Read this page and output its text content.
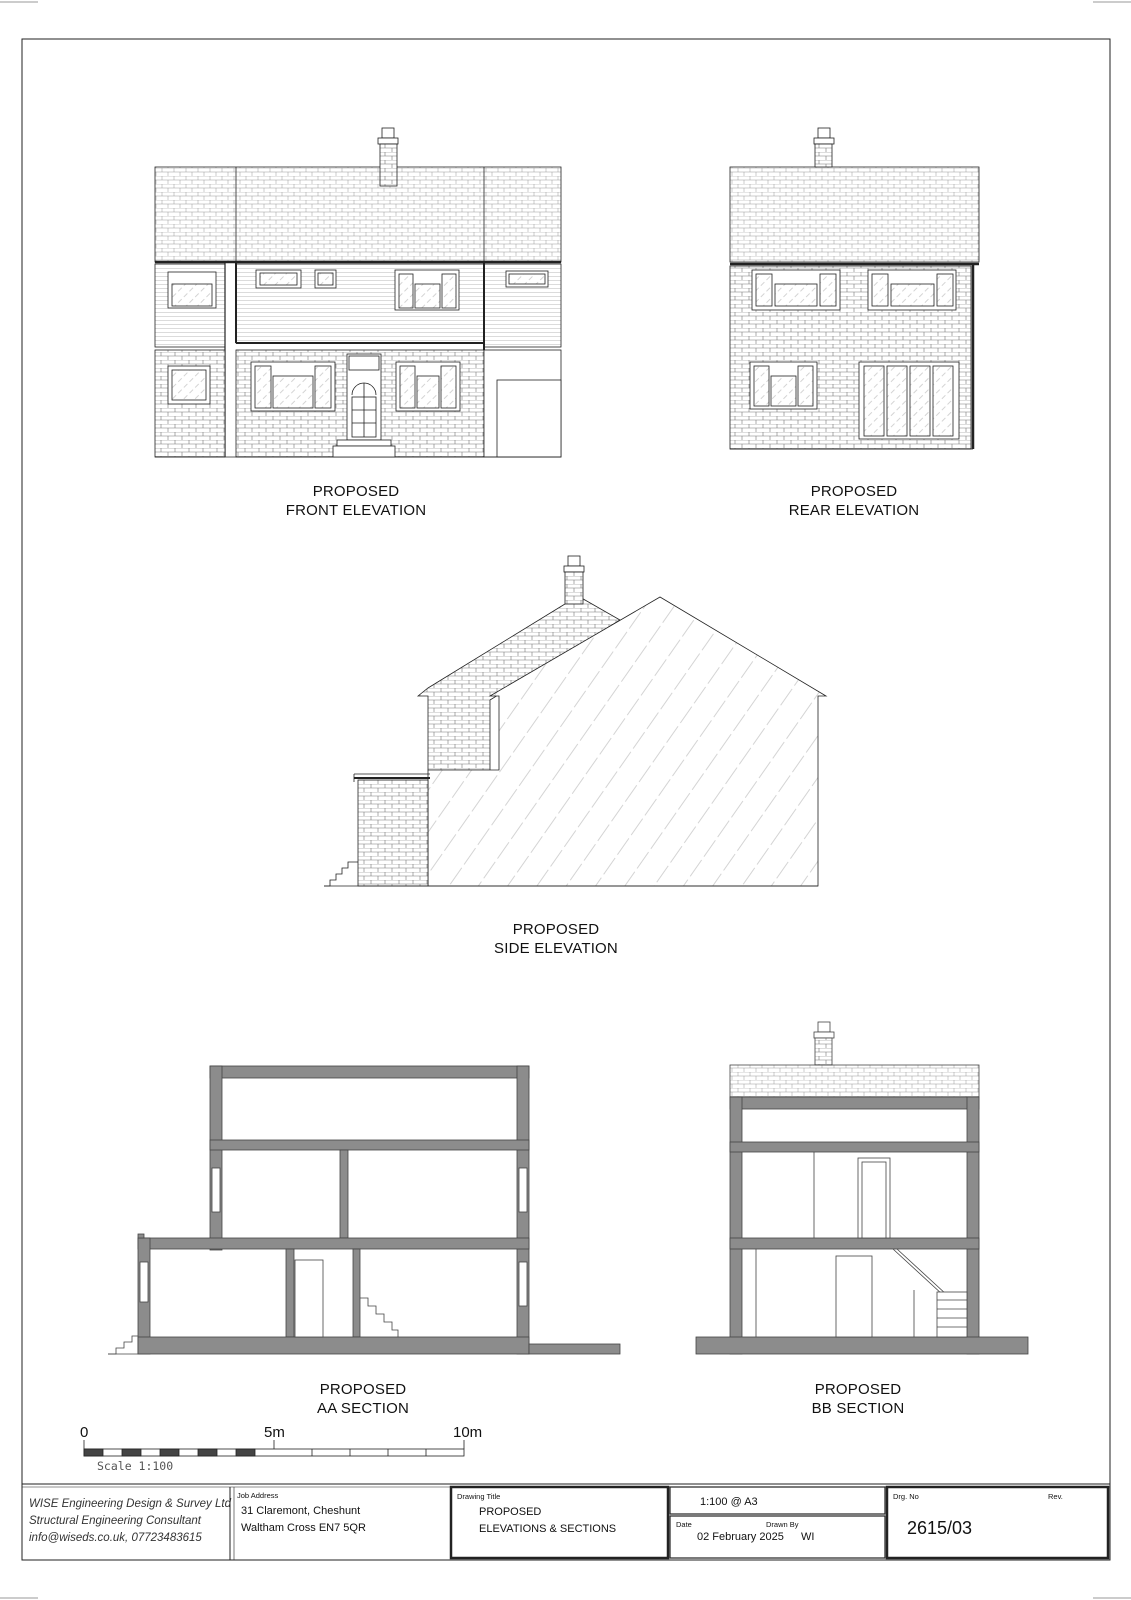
PROPOSED
FRONT ELEVATION
PROPOSED
REAR ELEVATION
PROPOSED
SIDE ELEVATION
PROPOSED
AA SECTION
PROPOSED
BB SECTION
0	5m	10m
Scale 1:100
WISE Engineering Design & Survey Ltd
Structural Engineering Consultant
info@wiseds.co.uk, 07723483615
Job Address
31 Claremont, Cheshunt
Waltham Cross EN7 5QR
Drawing Title
PROPOSED
ELEVATIONS & SECTIONS
1:100 @ A3
Date	Drawn By
02 February 2025 WI
Drg. No	Rev.
2615/03
